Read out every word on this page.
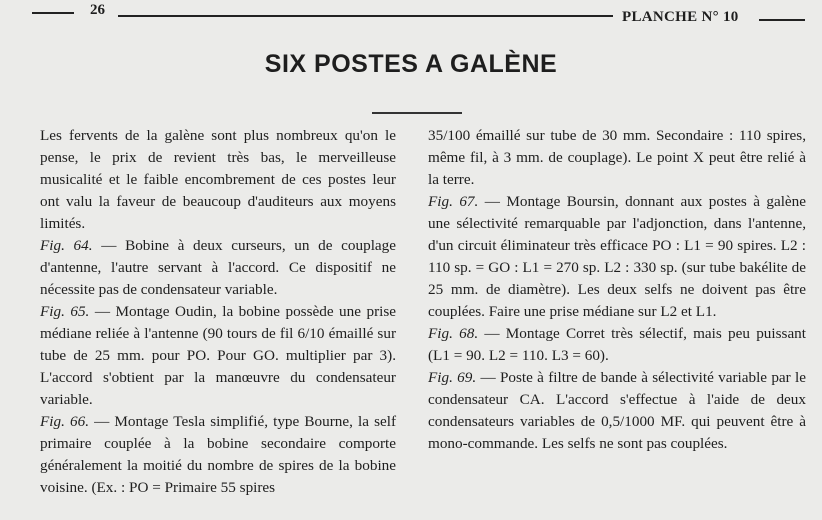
26	PLANCHE N° 10
SIX POSTES A GALÈNE

Les fervents de la galène sont plus nombreux qu'on le pense, le prix de revient très bas, le merveilleuse musicalité et le faible encombrement de ces postes leur ont valu la faveur de beaucoup d'auditeurs aux moyens limités.

Fig. 64. — Bobine à deux curseurs, un de couplage d'antenne, l'autre servant à l'accord. Ce dispositif ne nécessite pas de condensateur variable.

Fig. 65. — Montage Oudin, la bobine possède une prise médiane reliée à l'antenne (90 tours de fil 6/10 émaillé sur tube de 25 mm. pour PO. Pour GO. multiplier par 3). L'accord s'obtient par la manœuvre du condensateur variable.

Fig. 66. — Montage Tesla simplifié, type Bourne, la self primaire couplée à la bobine secondaire comporte généralement la moitié du nombre de spires de la bobine voisine. (Ex. : PO = Primaire 55 spires

35/100 émaillé sur tube de 30 mm. Secondaire : 110 spires, même fil, à 3 mm. de couplage). Le point X peut être relié à la terre.

Fig. 67. — Montage Boursin, donnant aux postes à galène une sélectivité remarquable par l'adjonction, dans l'antenne, d'un circuit éliminateur très efficace PO : L1 = 90 spires. L2 : 110 sp. = GO : L1 = 270 sp. L2 : 330 sp. (sur tube bakélite de 25 mm. de diamètre). Les deux selfs ne doivent pas être couplées. Faire une prise médiane sur L2 et L1.

Fig. 68. — Montage Corret très sélectif, mais peu puissant (L1 = 90. L2 = 110. L3 = 60).

Fig. 69. — Poste à filtre de bande à sélectivité variable par le condensateur CA. L'accord s'effectue à l'aide de deux condensateurs variables de 0,5/1000 MF. qui peuvent être à mono-commande. Les selfs ne sont pas couplées.
